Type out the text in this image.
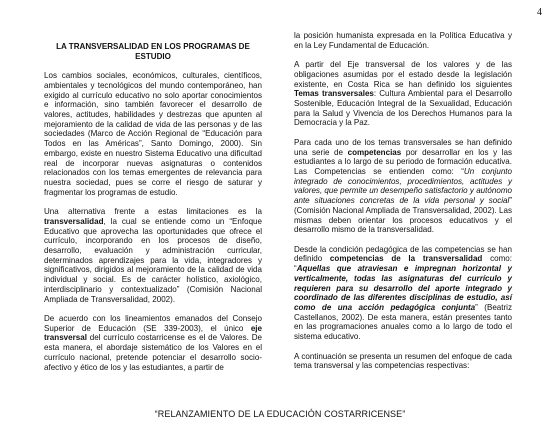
4

LA TRANSVERSALIDAD EN LOS PROGRAMAS DE ESTUDIO

Los cambios sociales, económicos, culturales, científicos, ambientales y tecnológicos del mundo contemporáneo, han exigido al currículo educativo no solo aportar conocimientos e información, sino también favorecer el desarrollo de valores, actitudes, habilidades y destrezas que apunten al mejoramiento de la calidad de vida de las personas y de las sociedades (Marco de Acción Regional de “Educación para Todos en las Américas”, Santo Domingo, 2000). Sin embargo, existe en nuestro Sistema Educativo una dificultad real de incorporar nuevas asignaturas o contenidos relacionados con los temas emergentes de relevancia para nuestra sociedad, pues se corre el riesgo de saturar y fragmentar los programas de estudio.

Una alternativa frente a estas limitaciones es la transversalidad, la cual se entiende como un “Enfoque Educativo que aprovecha las oportunidades que ofrece el currículo, incorporando en los procesos de diseño, desarrollo, evaluación y administración curricular, determinados aprendizajes para la vida, integradores y significativos, dirigidos al mejoramiento de la calidad de vida individual y social. Es de carácter holístico, axiológico, interdisciplinario y contextualizado” (Comisión Nacional Ampliada de Transversalidad, 2002).

De acuerdo con los lineamientos emanados del Consejo Superior de Educación (SE 339-2003), el único eje transversal del currículo costarricense es el de Valores. De esta manera, el abordaje sistemático de los Valores en el currículo nacional, pretende potenciar el desarrollo socio-afectivo y ético de los y las estudiantes, a partir de

la posición humanista expresada en la Política Educativa y en la Ley Fundamental de Educación.

A partir del Eje transversal de los valores y de las obligaciones asumidas por el estado desde la legislación existente, en Costa Rica se han definido los siguientes Temas transversales: Cultura Ambiental para el Desarrollo Sostenible, Educación Integral de la Sexualidad, Educación para la Salud y Vivencia de los Derechos Humanos para la Democracia y la Paz.

Para cada uno de los temas transversales se han definido una serie de competencias por desarrollar en los y las estudiantes a lo largo de su periodo de formación educativa. Las Competencias se entienden como: “Un conjunto integrado de conocimientos, procedimientos, actitudes y valores, que permite un desempeño satisfactorio y autónomo ante situaciones concretas de la vida personal y social” (Comisión Nacional Ampliada de Transversalidad, 2002). Las mismas deben orientar los procesos educativos y el desarrollo mismo de la transversalidad.

Desde la condición pedagógica de las competencias se han definido competencias de la transversalidad como: “Aquellas que atraviesan e impregnan horizontal y verticalmente, todas las asignaturas del currículo y requieren para su desarrollo del aporte integrado y coordinado de las diferentes disciplinas de estudio, así como de una acción pedagógica conjunta” (Beatriz Castellanos, 2002). De esta manera, están presentes tanto en las programaciones anuales como a lo largo de todo el sistema educativo.

A continuación se presenta un resumen del enfoque de cada tema transversal y las competencias respectivas:

“RELANZAMIENTO DE LA EDUCACIÓN COSTARRICENSE”
